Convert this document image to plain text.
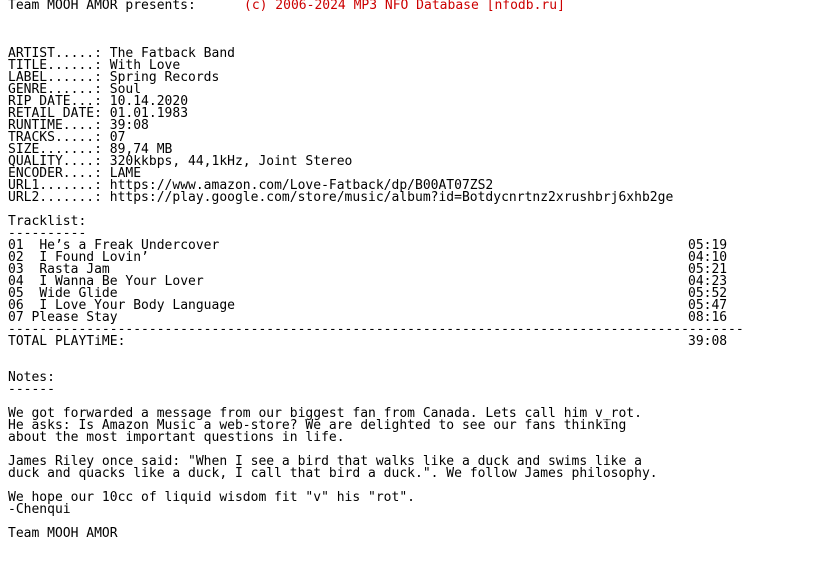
Team MOOH AMOR presents:	(c) 2006-2024 MP3 NFO Database [nfodb.ru]
ARTIST.....: The Fatback Band
TITLE......: With Love
LABEL......: Spring Records
GENRE......: Soul
RIP DATE...: 10.14.2020
RETAIL DATE: 01.01.1983
RUNTIME....: 39:08
TRACKS.....: 07
SIZE.......: 89,74 MB
QUALITY....: 320kkbps, 44,1kHz, Joint Stereo
ENCODER....: LAME
URL1.......: https://www.amazon.com/Love-Fatback/dp/B00AT07ZS2
URL2.......: https://play.google.com/store/music/album?id=Botdycnrtnz2xrushbrj6xhb2ge
Tracklist:
----------
01 He’s a Freak Undercover	05:19
02 I Found Lovin’	04:10
03 Rasta Jam	05:21
04 I Wanna Be Your Lover	04:23
05 Wide Glide	05:52
06 I Love Your Body Language	05:47
07 Please Stay	08:16
----------------------------------------------------------------------------------------------
TOTAL PLAYTiME:	39:08
Notes:
------
We got forwarded a message from our biggest fan from Canada. Lets call him v_rot.
He asks: Is Amazon Music a web-store? We are delighted to see our fans thinking
about the most important questions in life.
James Riley once said: "When I see a bird that walks like a duck and swims like a
duck and quacks like a duck, I call that bird a duck.". We follow James philosophy.
We hope our 10cc of liquid wisdom fit "v" his "rot".
-Chenqui
Team MOOH AMOR
